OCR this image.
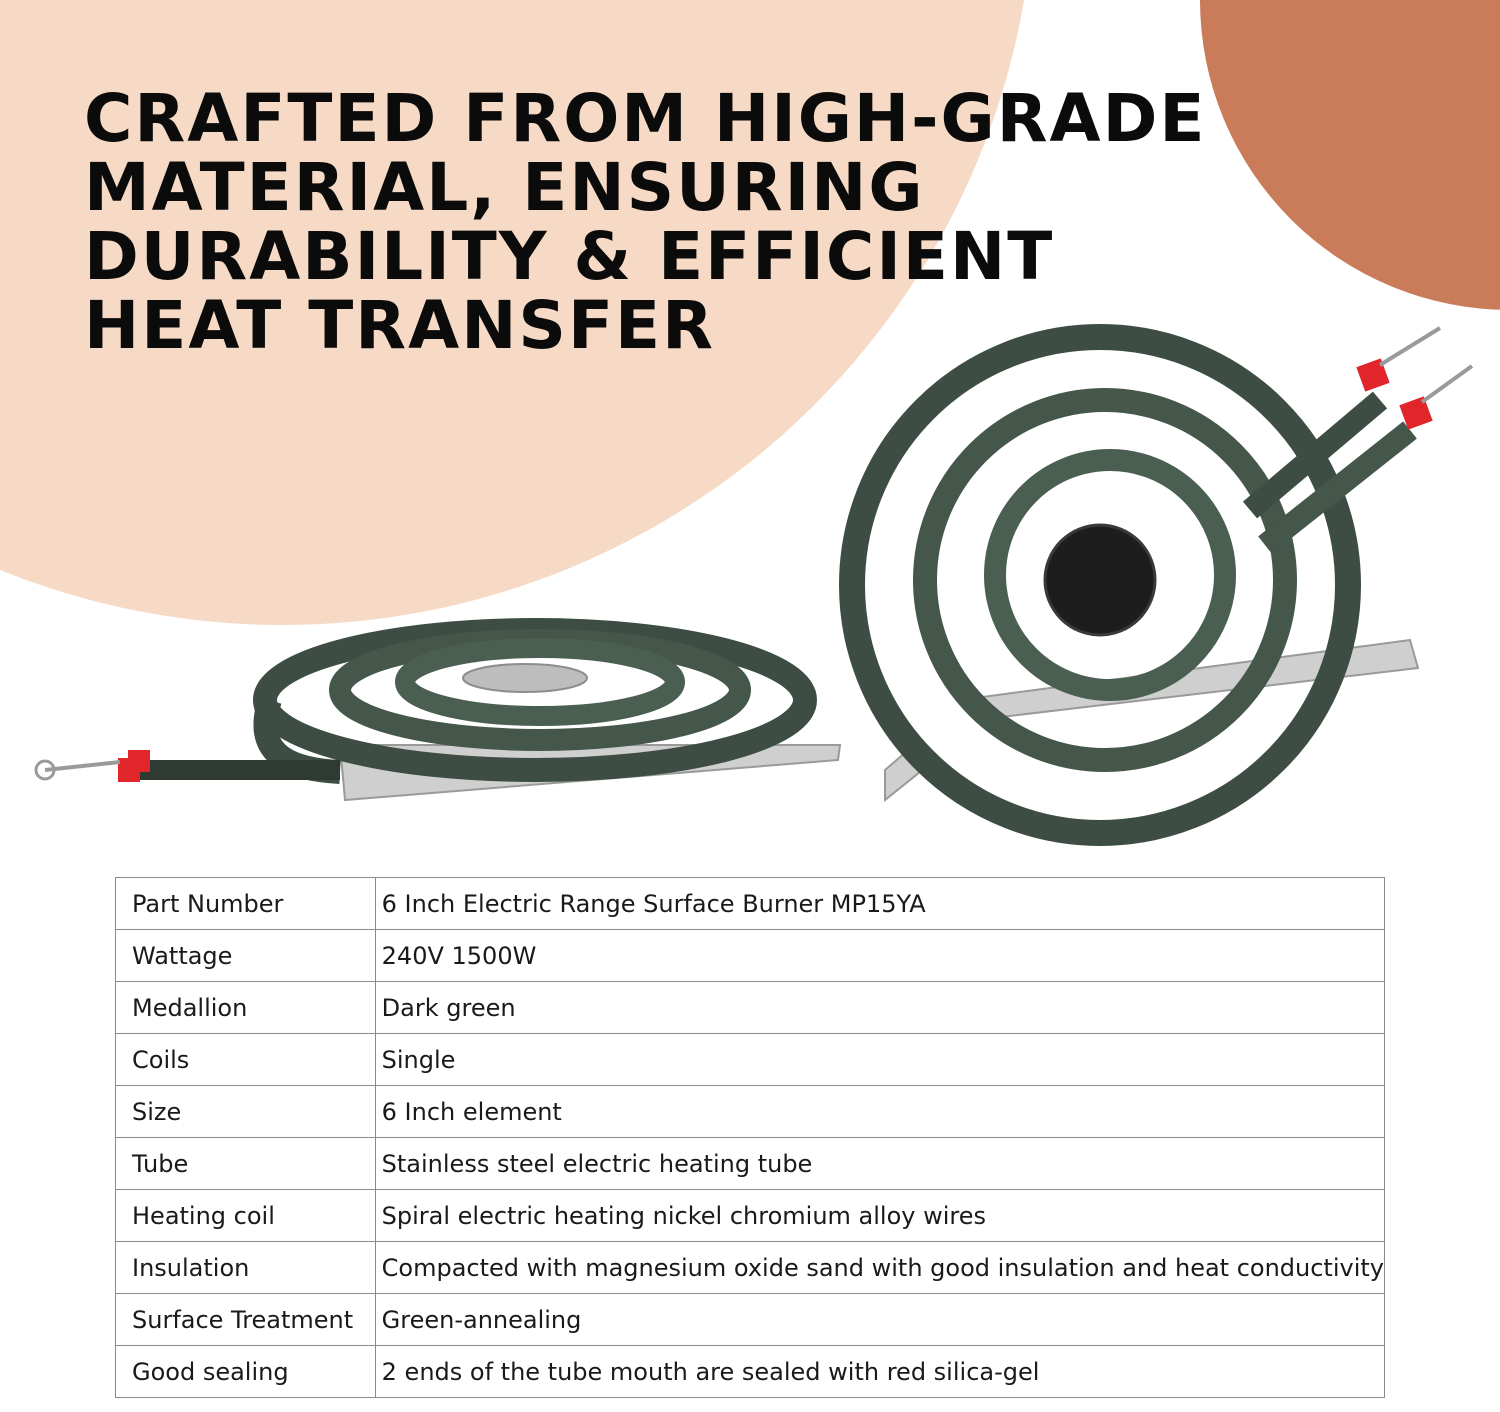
CRAFTED FROM HIGH-GRADE
MATERIAL, ENSURING
DURABILITY & EFFICIENT
HEAT TRANSFER
Part Number	6 Inch Electric Range Surface Burner MP15YA
Wattage	240V 1500W
Medallion	Dark green
Coils	Single
Size	6 Inch element
Tube	Stainless steel electric heating tube
Heating coil	Spiral electric heating nickel chromium alloy wires
Insulation	Compacted with magnesium oxide sand with good insulation and heat conductivity
Surface Treatment	Green-annealing
Good sealing	2 ends of the tube mouth are sealed with red silica-gel
